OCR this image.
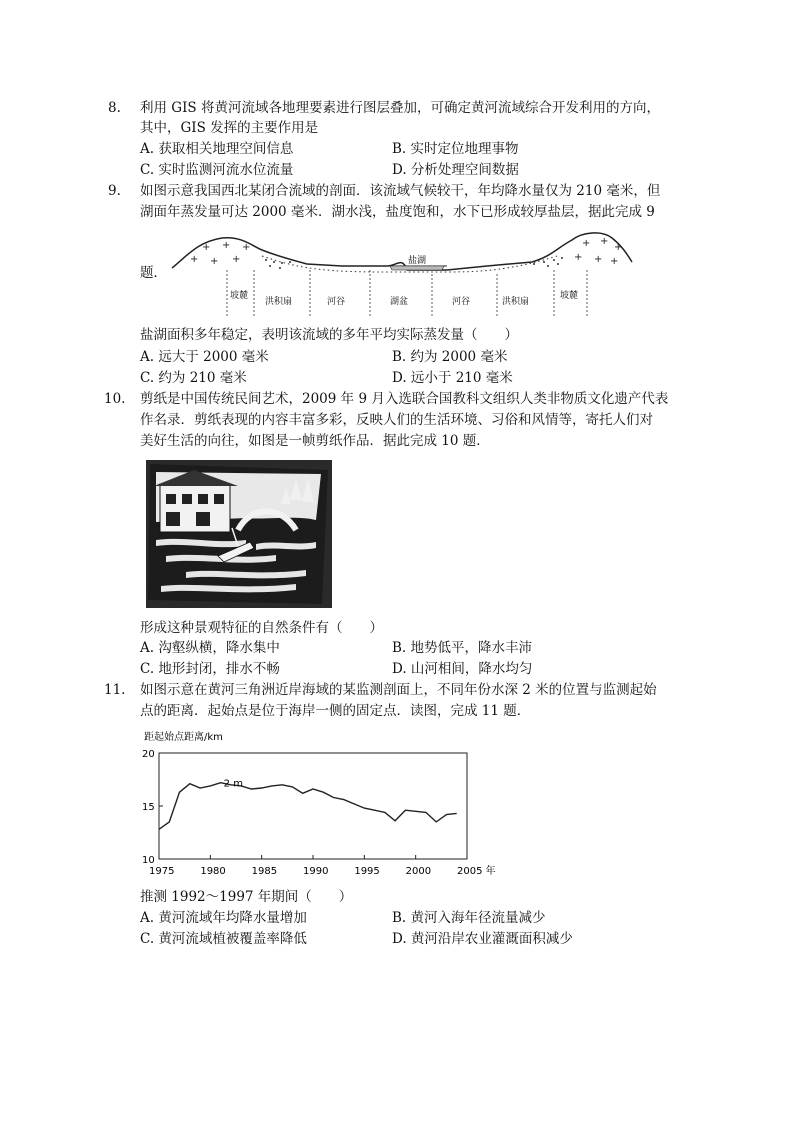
8. 利用 GIS 将黄河流域各地理要素进行图层叠加，可确定黄河流域综合开发利用的方向，
其中，GIS 发挥的主要作用是
A. 获取相关地理空间信息	B. 实时定位地理事物
C. 实时监测河流水位流量	D. 分析处理空间数据
9. 如图示意我国西北某闭合流域的剖面．该流域气候较干，年均降水量仅为 210 毫米，但
湖面年蒸发量可达 2000 毫米．湖水浅，盐度饱和，水下已形成较厚盐层，据此完成 9
题．
+ + +
+ + +
+ +
+
+ + +
盐湖
坡麓
洪积扇	河谷	湖盆	河谷	洪积扇
坡麓
盐湖面积多年稳定，表明该流域的多年平均实际蒸发量（　　）
A. 远大于 2000 毫米	B. 约为 2000 毫米
C. 约为 210 毫米	D. 远小于 210 毫米
10. 剪纸是中国传统民间艺术，2009 年 9 月入选联合国教科文组织人类非物质文化遗产代表
作名录．剪纸表现的内容丰富多彩，反映人们的生活环境、习俗和风情等，寄托人们对
美好生活的向往，如图是一帧剪纸作品．据此完成 10 题．
形成这种景观特征的自然条件有（　　）
A. 沟壑纵横，降水集中	B. 地势低平，降水丰沛
C. 地形封闭，排水不畅	D. 山河相间，降水均匀
11. 如图示意在黄河三角洲近岸海域的某监测剖面上，不同年份水深 2 米的位置与监测起始
点的距离．起始点是位于海岸一侧的固定点．读图，完成 11 题．
距起始点距离/km
1975	1980	1985	1990	1995	2000	2005 年
10
15
20
2 m
推测 1992～1997 年期间（　　）
A. 黄河流域年均降水量增加	B. 黄河入海年径流量减少
C. 黄河流域植被覆盖率降低	D. 黄河沿岸农业灌溉面积减少
